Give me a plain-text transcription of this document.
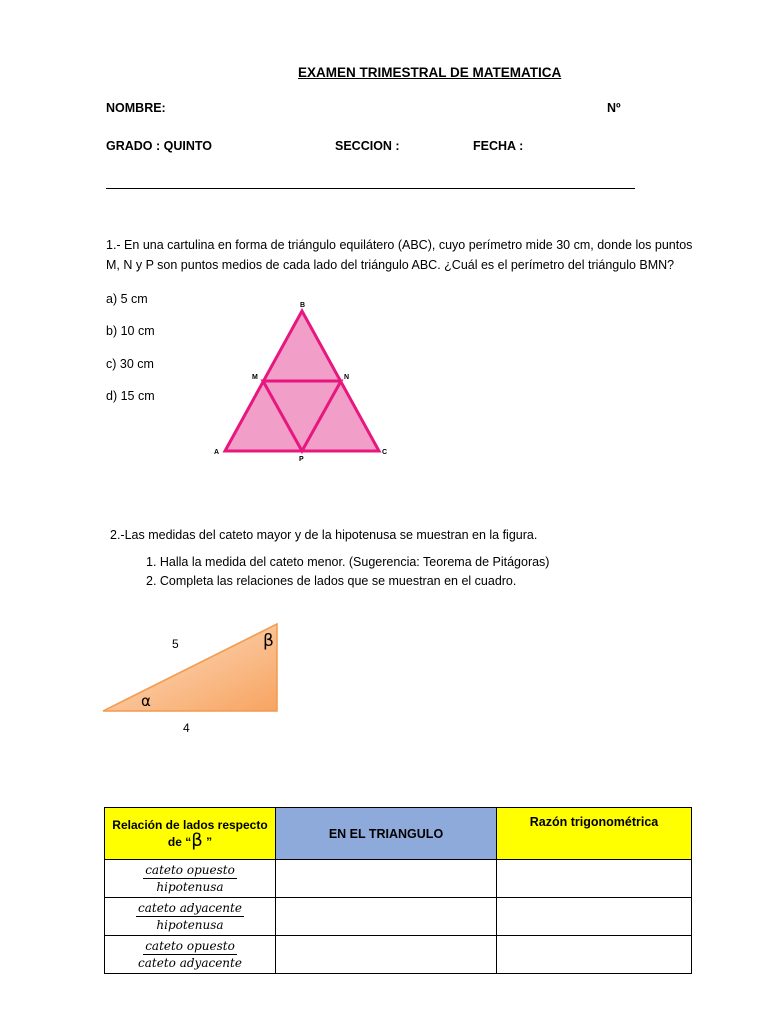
EXAMEN TRIMESTRAL DE MATEMATICA
NOMBRE:	Nº
GRADO : QUINTO	SECCION :	FECHA :
1.- En una cartulina en forma de triángulo equilátero (ABC), cuyo perímetro mide 30 cm, donde los puntos
M, N y P son puntos medios de cada lado del triángulo ABC. ¿Cuál es el perímetro del triángulo BMN?
a) 5 cm
b) 10 cm
c) 30 cm
d) 15 cm
B
M	N
A
P
C
2.-Las medidas del cateto mayor y de la hipotenusa se muestran en la figura.
1. Halla la medida del cateto menor. (Sugerencia: Teorema de Pitágoras)
2. Completa las relaciones de lados que se muestran en el cuadro.
5
4
α
β
Relación de lados respecto
de “β ”	EN EL TRIANGULO	Razón trigonométrica
cateto opuesto
hipotenusa		

cateto adyacente
hipotenusa		

cateto opuesto
cateto adyacente		
